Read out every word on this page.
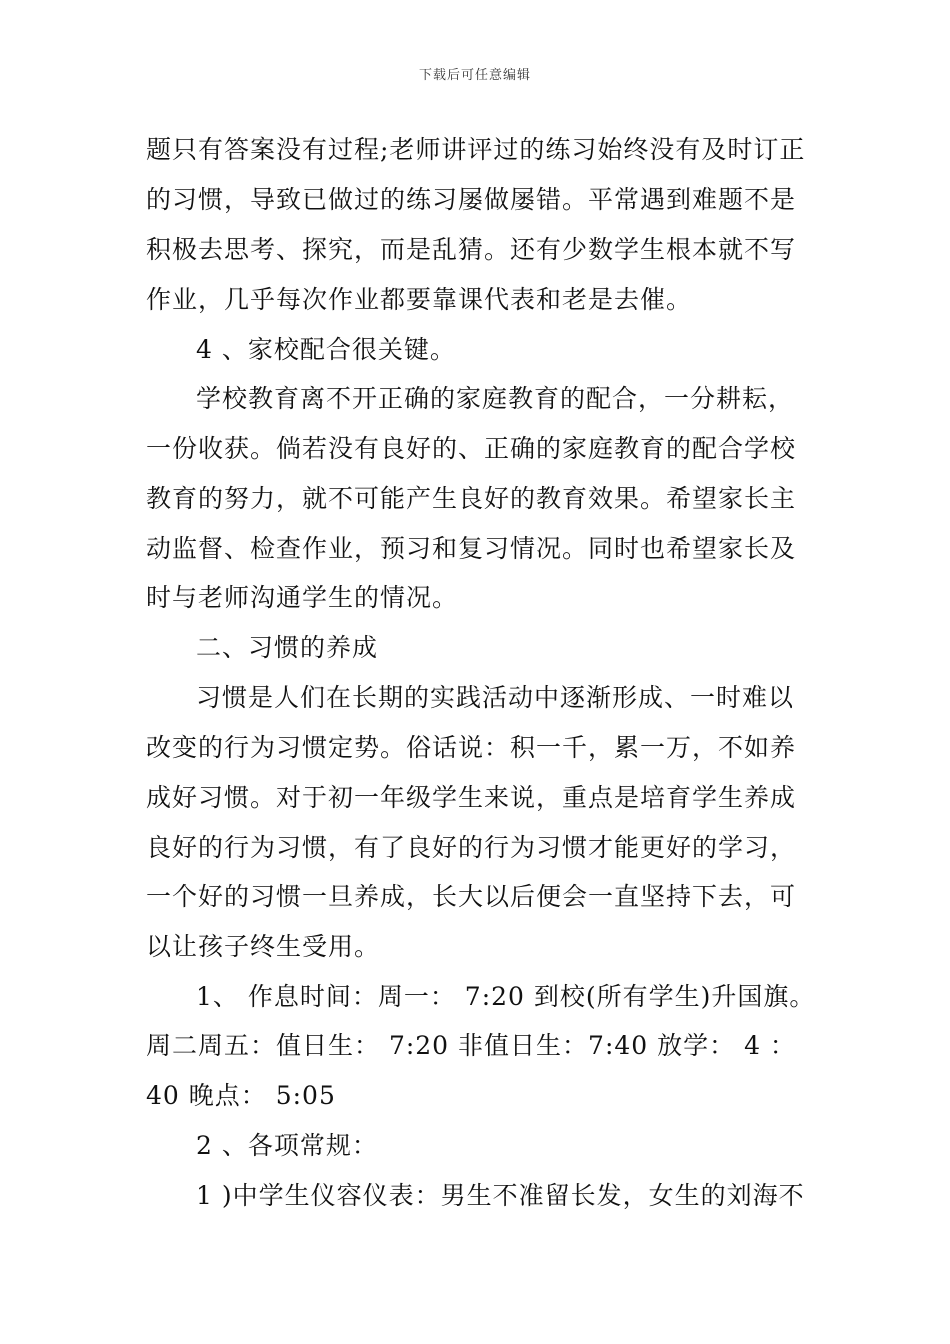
下载后可任意编辑
题只有答案没有过程;老师讲评过的练习始终没有及时订正
的习惯，导致已做过的练习屡做屡错。平常遇到难题不是
积极去思考、探究，而是乱猜。还有少数学生根本就不写
作业，几乎每次作业都要靠课代表和老是去催。
4 、家校配合很关键。
学校教育离不开正确的家庭教育的配合，一分耕耘，
一份收获。倘若没有良好的、正确的家庭教育的配合学校
教育的努力，就不可能产生良好的教育效果。希望家长主
动监督、检查作业，预习和复习情况。同时也希望家长及
时与老师沟通学生的情况。
二、习惯的养成
习惯是人们在长期的实践活动中逐渐形成、一时难以
改变的行为习惯定势。俗话说：积一千，累一万，不如养
成好习惯。对于初一年级学生来说，重点是培育学生养成
良好的行为习惯，有了良好的行为习惯才能更好的学习，
一个好的习惯一旦养成，长大以后便会一直坚持下去，可
以让孩子终生受用。
1、 作息时间：周一： 7:20 到校(所有学生)升国旗。
周二周五：值日生： 7:20 非值日生：7:40 放学： 4 ：
40 晚点： 5:05
2 、各项常规：
1 )中学生仪容仪表：男生不准留长发，女生的刘海不
